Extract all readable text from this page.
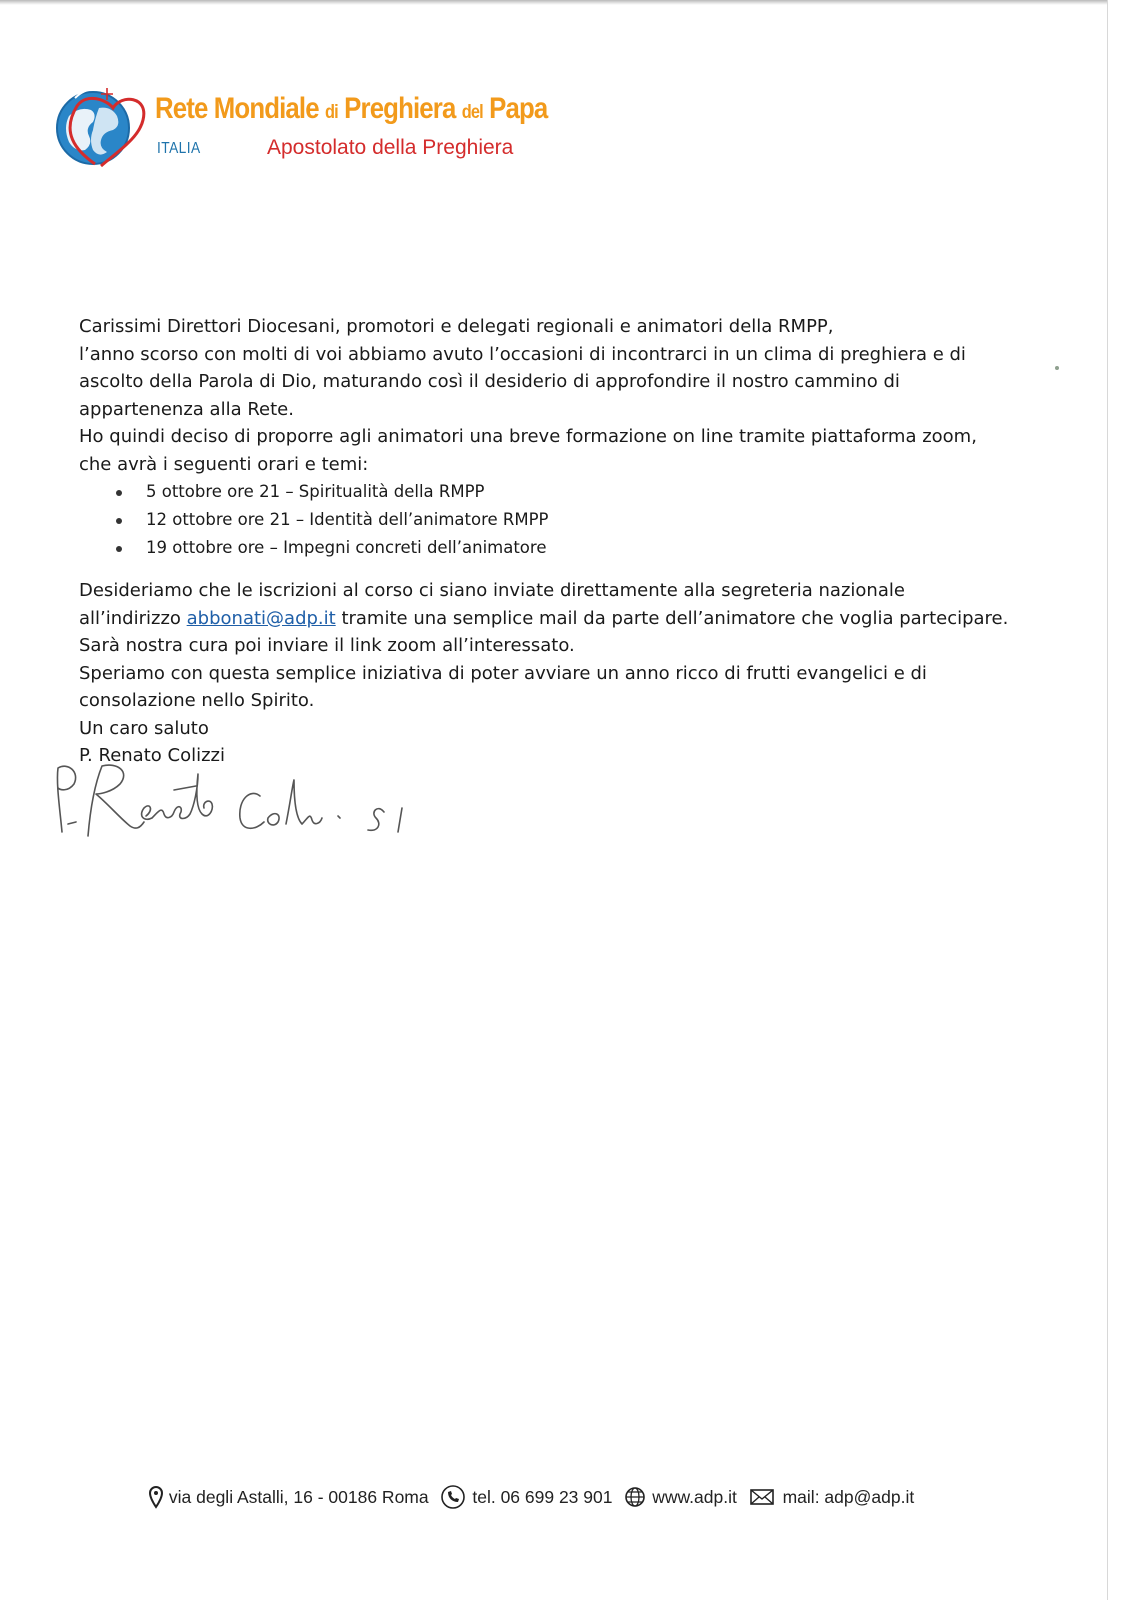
Rete Mondiale di Preghiera del Papa
ITALIA	Apostolato della Preghiera

Carissimi Direttori Diocesani, promotori e delegati regionali e animatori della RMPP,

l’anno scorso con molti di voi abbiamo avuto l’occasioni di incontrarci in un clima di preghiera e di ascolto della Parola di Dio, maturando così il desiderio di approfondire il nostro cammino di appartenenza alla Rete.

Ho quindi deciso di proporre agli animatori una breve formazione on line tramite piattaforma zoom, che avrà i seguenti orari e temi:

5 ottobre ore 21 – Spiritualità della RMPP
12 ottobre ore 21 – Identità dell’animatore RMPP
19 ottobre ore – Impegni concreti dell’animatore

Desideriamo che le iscrizioni al corso ci siano inviate direttamente alla segreteria nazionale all’indirizzo abbonati@adp.it tramite una semplice mail da parte dell’animatore che voglia partecipare. Sarà nostra cura poi inviare il link zoom all’interessato.

Speriamo con questa semplice iniziativa di poter avviare un anno ricco di frutti evangelici e di consolazione nello Spirito.

Un caro saluto

P. Renato Colizzi

via degli Astalli, 16 - 00186 Roma	tel. 06 699 23 901 www.adp.it	mail: adp@adp.it
